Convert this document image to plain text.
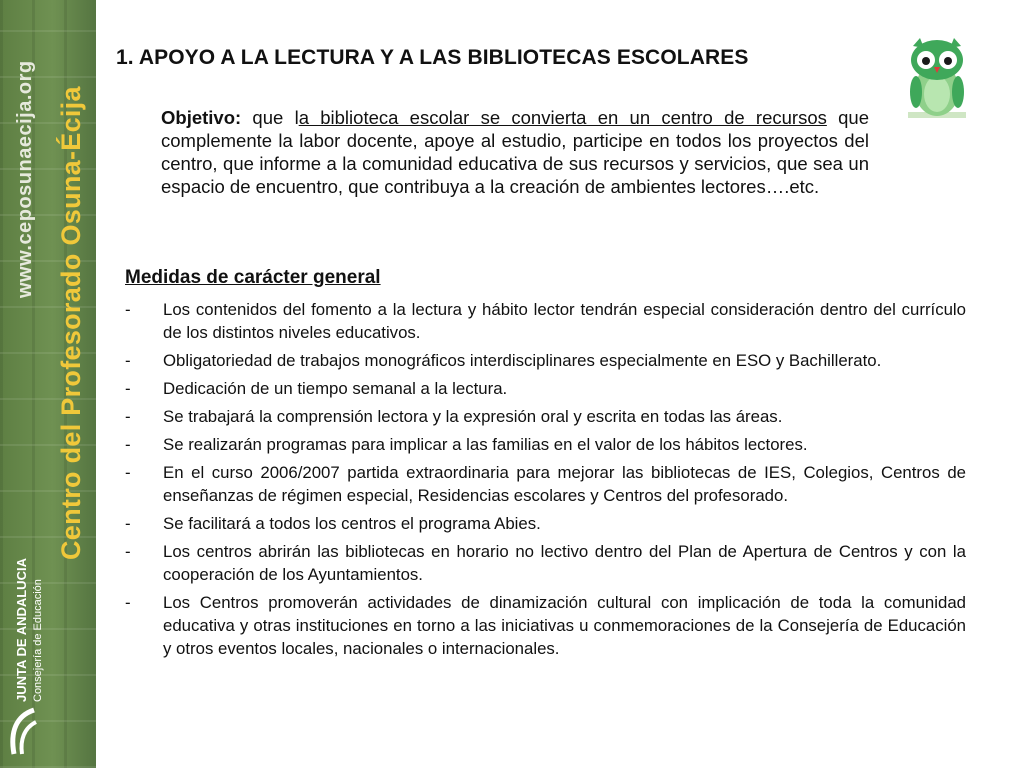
www.ceposunaecija.org Centro del Profesorado Osuna-Écija
JUNTA DE ANDALUCIA Consejería de Educación
1. APOYO A LA LECTURA Y A LAS BIBLIOTECAS ESCOLARES
Objetivo: que la biblioteca escolar se convierta en un centro de recursos que complemente la labor docente, apoye al estudio, participe en todos los proyectos del centro, que informe a la comunidad educativa de sus recursos y servicios, que sea un espacio de encuentro, que contribuya a la creación de ambientes lectores….etc.
Medidas de carácter general
- Los contenidos del fomento a la lectura y hábito lector tendrán especial consideración dentro del currículo de los distintos niveles educativos.
- Obligatoriedad de trabajos monográficos interdisciplinares especialmente en ESO y Bachillerato.
- Dedicación de un tiempo semanal a la lectura.
- Se trabajará la comprensión lectora y la expresión oral y escrita en todas las áreas.
- Se realizarán programas para implicar a las familias en el valor de los hábitos lectores.
- En el curso 2006/2007 partida extraordinaria para mejorar las bibliotecas de IES, Colegios, Centros de enseñanzas de régimen especial, Residencias escolares y Centros del profesorado.
- Se facilitará a todos los centros el programa Abies.
- Los centros abrirán las bibliotecas en horario no lectivo dentro del Plan de Apertura de Centros y con la cooperación de los Ayuntamientos.
- Los Centros promoverán actividades de dinamización cultural con implicación de toda la comunidad educativa y otras instituciones en torno a las iniciativas u conmemoraciones de la Consejería de Educación y otros eventos locales, nacionales o internacionales.
